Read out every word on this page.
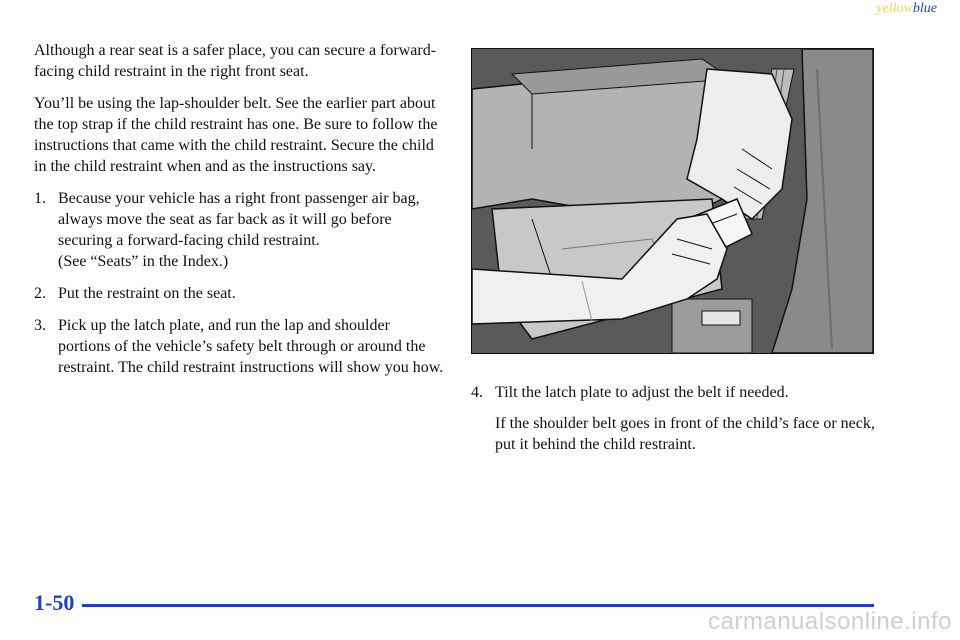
yellowblue

Although a rear seat is a safer place, you can secure a forward-facing child restraint in the right front seat.

You’ll be using the lap-shoulder belt. See the earlier part about the top strap if the child restraint has one. Be sure to follow the instructions that came with the child restraint. Secure the child in the child restraint when and as the instructions say.

1. Because your vehicle has a right front passenger air bag, always move the seat as far back as it will go before securing a forward-facing child restraint.
(See “Seats” in the Index.)
2. Put the restraint on the seat.
3. Pick up the latch plate, and run the lap and shoulder portions of the vehicle’s safety belt through or around the restraint. The child restraint instructions will show you how.
4. Tilt the latch plate to adjust the belt if needed.

If the shoulder belt goes in front of the child’s face or neck, put it behind the child restraint.

1-50
carmanualsonline.info
